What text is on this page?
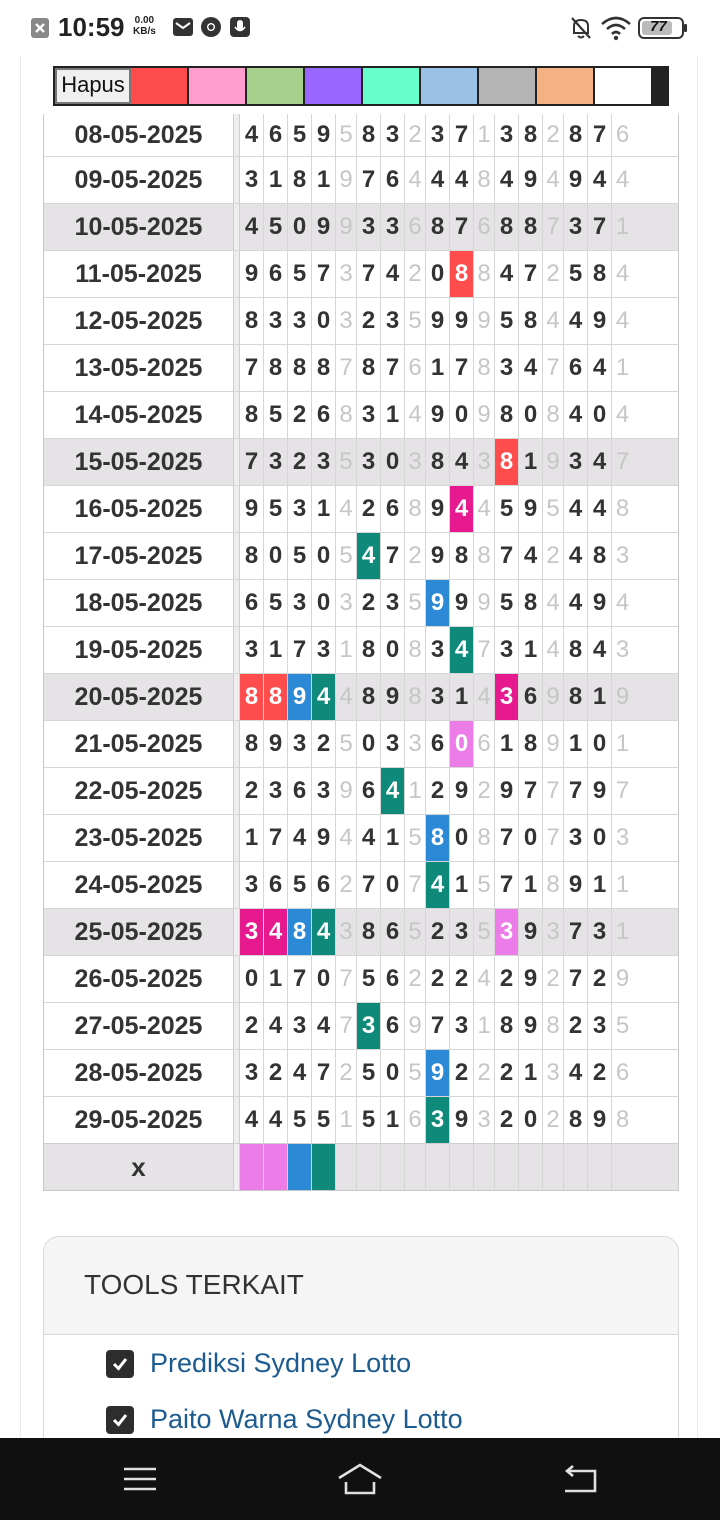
10:59 0.00
KB/s	77
Hapus
08-05-2025	4 6 5 9 5 8 3 2 3 7 1 3 8 2 8 7 6
09-05-2025	3 1 8 1 9 7 6 4 4 4 8 4 9 4 9 4 4
10-05-2025	4 5 0 9 9 3 3 6 8 7 6 8 8 7 3 7 1
11-05-2025	9 6 5 7 3 7 4 2 0 8 8 4 7 2 5 8 4
12-05-2025	8 3 3 0 3 2 3 5 9 9 9 5 8 4 4 9 4
13-05-2025	7 8 8 8 7 8 7 6 1 7 8 3 4 7 6 4 1
14-05-2025	8 5 2 6 8 3 1 4 9 0 9 8 0 8 4 0 4
15-05-2025	7 3 2 3 5 3 0 3 8 4 3 8 1 9 3 4 7
16-05-2025	9 5 3 1 4 2 6 8 9 4 4 5 9 5 4 4 8
17-05-2025	8 0 5 0 5 4 7 2 9 8 8 7 4 2 4 8 3
18-05-2025	6 5 3 0 3 2 3 5 9 9 9 5 8 4 4 9 4
19-05-2025	3 1 7 3 1 8 0 8 3 4 7 3 1 4 8 4 3
20-05-2025	8 8 9 4 4 8 9 8 3 1 4 3 6 9 8 1 9
21-05-2025	8 9 3 2 5 0 3 3 6 0 6 1 8 9 1 0 1
22-05-2025	2 3 6 3 9 6 4 1 2 9 2 9 7 7 7 9 7
23-05-2025	1 7 4 9 4 4 1 5 8 0 8 7 0 7 3 0 3
24-05-2025	3 6 5 6 2 7 0 7 4 1 5 7 1 8 9 1 1
25-05-2025	3 4 8 4 3 8 6 5 2 3 5 3 9 3 7 3 1
26-05-2025	0 1 7 0 7 5 6 2 2 2 4 2 9 2 7 2 9
27-05-2025	2 4 3 4 7 3 6 9 7 3 1 8 9 8 2 3 5
28-05-2025	3 2 4 7 2 5 0 5 9 2 2 2 1 3 4 2 6
29-05-2025	4 4 5 5 1 5 1 6 3 9 3 2 0 2 8 9 8
x
TOOLS TERKAIT
Prediksi Sydney Lotto
Paito Warna Sydney Lotto
